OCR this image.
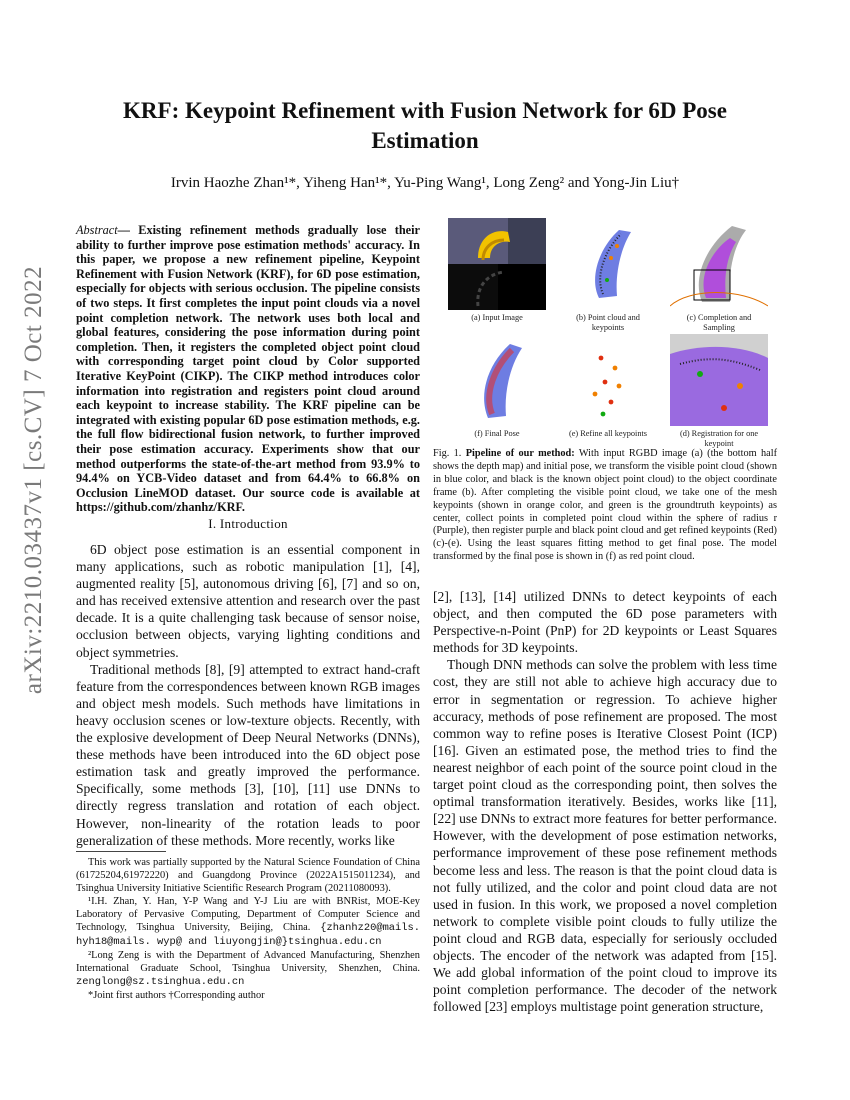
arXiv:2210.03437v1 [cs.CV] 7 Oct 2022
KRF: Keypoint Refinement with Fusion Network for 6D Pose Estimation
Irvin Haozhe Zhan¹*, Yiheng Han¹*, Yu-Ping Wang¹, Long Zeng² and Yong-Jin Liu†
Abstract— Existing refinement methods gradually lose their ability to further improve pose estimation methods' accuracy. In this paper, we propose a new refinement pipeline, Keypoint Refinement with Fusion Network (KRF), for 6D pose estimation, especially for objects with serious occlusion. The pipeline consists of two steps. It first completes the input point clouds via a novel point completion network. The network uses both local and global features, considering the pose information during point completion. Then, it registers the completed object point cloud with corresponding target point cloud by Color supported Iterative KeyPoint (CIKP). The CIKP method introduces color information into registration and registers point cloud around each keypoint to increase stability. The KRF pipeline can be integrated with existing popular 6D pose estimation methods, e.g. the full flow bidirectional fusion network, to further improved their pose estimation accuracy. Experiments show that our method outperforms the state-of-the-art method from 93.9% to 94.4% on YCB-Video dataset and from 64.4% to 66.8% on Occlusion LineMOD dataset. Our source code is available at https://github.com/zhanhz/KRF.
I. Introduction

6D object pose estimation is an essential component in many applications, such as robotic manipulation [1], [4], augmented reality [5], autonomous driving [6], [7] and so on, and has received extensive attention and research over the past decade. It is a quite challenging task because of sensor noise, occlusion between objects, varying lighting conditions and object symmetries.

Traditional methods [8], [9] attempted to extract hand-craft feature from the correspondences between known RGB images and object mesh models. Such methods have limitations in heavy occlusion scenes or low-texture objects. Recently, with the explosive development of Deep Neural Networks (DNNs), these methods have been introduced into the 6D object pose estimation task and greatly improved the performance. Specifically, some methods [3], [10], [11] use DNNs to directly regress translation and rotation of each object. However, non-linearity of the rotation leads to poor generalization of these methods. More recently, works like

This work was partially supported by the Natural Science Foundation of China (61725204,61972220) and Guangdong Province (2022A1515011234), and Tsinghua University Initiative Scientific Research Program (20211080093).

¹I.H. Zhan, Y. Han, Y-P Wang and Y-J Liu are with BNRist, MOE-Key Laboratory of Pervasive Computing, Department of Computer Science and Technology, Tsinghua University, Beijing, China. {zhanhz20@mails. hyh18@mails. wyp@ and liuyongjin@}tsinghua.edu.cn

²Long Zeng is with the Department of Advanced Manufacturing, Shenzhen International Graduate School, Tsinghua University, Shenzhen, China. zenglong@sz.tsinghua.edu.cn

*Joint first authors †Corresponding author

(a) Input Image	(b) Point cloud and keypoints
(c) Completion and Sampling
(f) Final Pose	(e) Refine all keypoints	(d) Registration for one keypoint
Fig. 1. Pipeline of our method: With input RGBD image (a) (the bottom half shows the depth map) and initial pose, we transform the visible point cloud (shown in blue color, and black is the known object point cloud) to the object coordinate frame (b). After completing the visible point cloud, we take one of the mesh keypoints (shown in orange color, and green is the groundtruth keypoints) as center, collect points in completed point cloud within the sphere of radius r (Purple), then register purple and black point cloud and get refined keypoints (Red) (c)-(e). Using the least squares fitting method to get final pose. The model transformed by the final pose is shown in (f) as red point cloud.

[2], [13], [14] utilized DNNs to detect keypoints of each object, and then computed the 6D pose parameters with Perspective-n-Point (PnP) for 2D keypoints or Least Squares methods for 3D keypoints.

Though DNN methods can solve the problem with less time cost, they are still not able to achieve high accuracy due to error in segmentation or regression. To achieve higher accuracy, methods of pose refinement are proposed. The most common way to refine poses is Iterative Closest Point (ICP) [16]. Given an estimated pose, the method tries to find the nearest neighbor of each point of the source point cloud in the target point cloud as the corresponding point, then solves the optimal transformation iteratively. Besides, works like [11], [22] use DNNs to extract more features for better performance. However, with the development of pose estimation networks, performance improvement of these pose refinement methods become less and less. The reason is that the point cloud data is not fully utilized, and the color and point cloud data are not used in fusion. In this work, we proposed a novel completion network to complete visible point clouds to fully utilize the point cloud and RGB data, especially for seriously occluded objects. The encoder of the network was adapted from [15]. We add global information of the point cloud to improve its point completion performance. The decoder of the network followed [23] employs multistage point generation structure,
